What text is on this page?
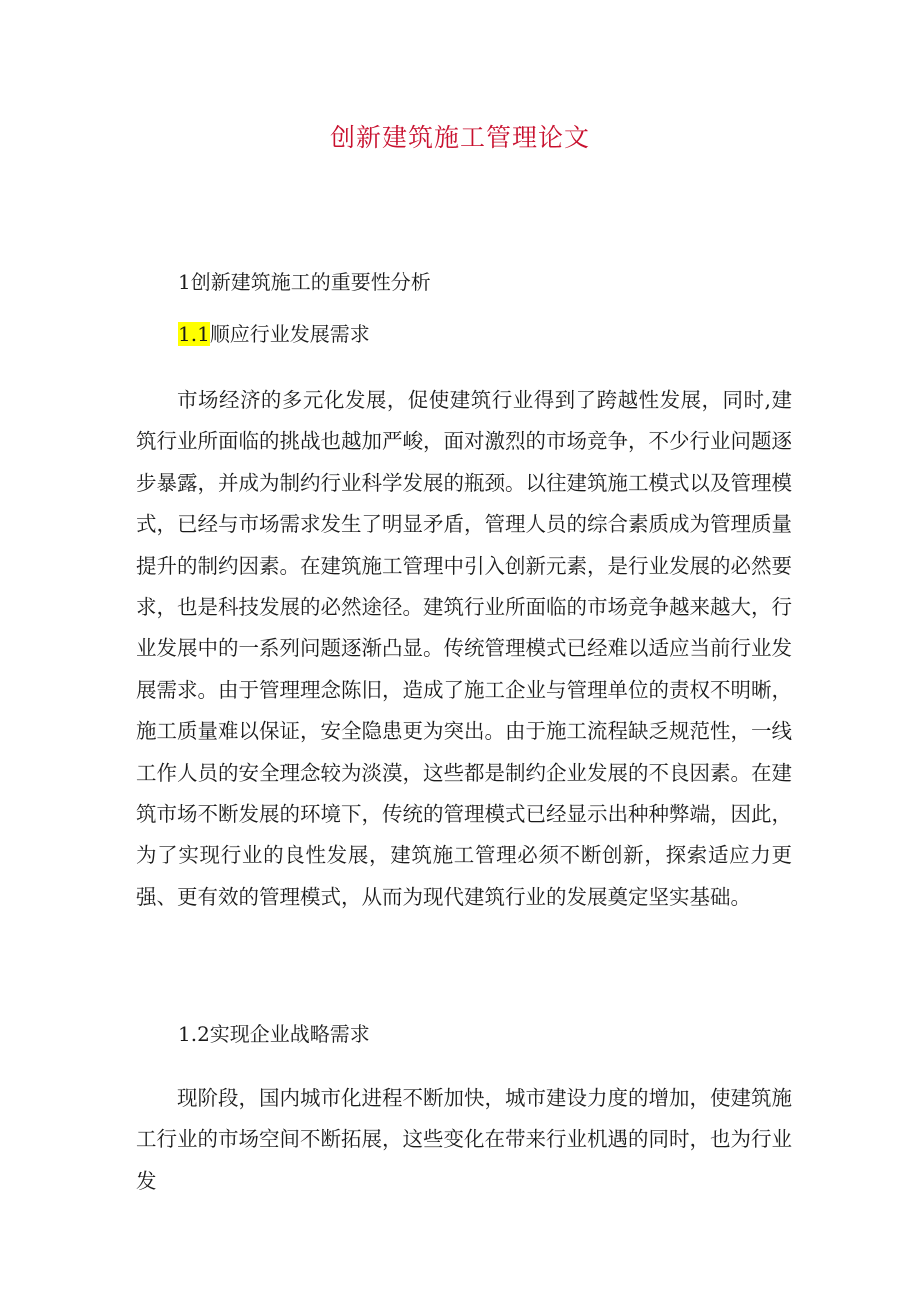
创新建筑施工管理论文
1创新建筑施工的重要性分析
1.1顺应行业发展需求

市场经济的多元化发展，促使建筑行业得到了跨越性发展，同时,建筑行业所面临的挑战也越加严峻，面对激烈的市场竞争，不少行业问题逐步暴露，并成为制约行业科学发展的瓶颈。以往建筑施工模式以及管理模式，已经与市场需求发生了明显矛盾，管理人员的综合素质成为管理质量提升的制约因素。在建筑施工管理中引入创新元素，是行业发展的必然要求，也是科技发展的必然途径。建筑行业所面临的市场竞争越来越大，行业发展中的一系列问题逐渐凸显。传统管理模式已经难以适应当前行业发展需求。由于管理理念陈旧，造成了施工企业与管理单位的责权不明晰，施工质量难以保证，安全隐患更为突出。由于施工流程缺乏规范性，一线工作人员的安全理念较为淡漠，这些都是制约企业发展的不良因素。在建筑市场不断发展的环境下，传统的管理模式已经显示出种种弊端，因此，为了实现行业的良性发展，建筑施工管理必须不断创新，探索适应力更强、更有效的管理模式，从而为现代建筑行业的发展奠定坚实基础。

1.2实现企业战略需求

现阶段，国内城市化进程不断加快，城市建设力度的增加，使建筑施工行业的市场空间不断拓展，这些变化在带来行业机遇的同时，也为行业发
